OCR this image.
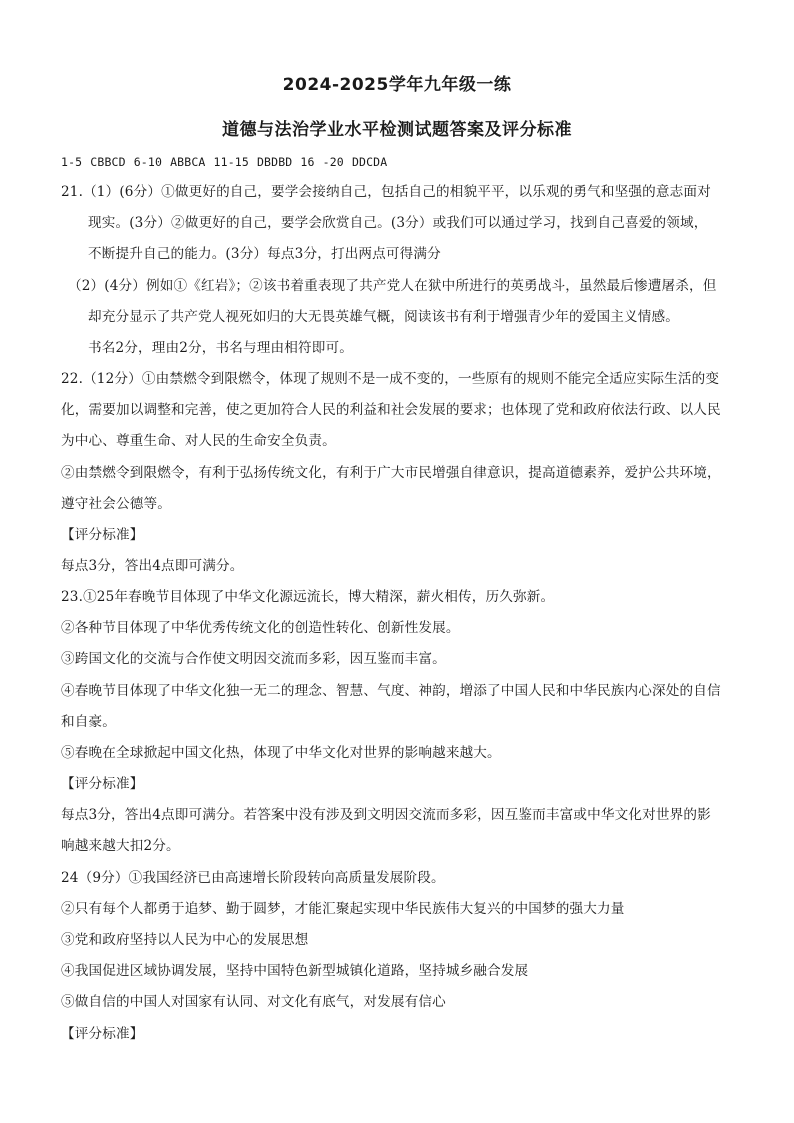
2024-2025学年九年级一练
道德与法治学业水平检测试题答案及评分标准
1-5 CBBCD 6-10 ABBCA 11-15 DBDBD 16 -20 DDCDA
21.（1）(6分）①做更好的自己，要学会接纳自己，包括自己的相貌平平，以乐观的勇气和坚强的意志面对
现实。(3分）②做更好的自己，要学会欣赏自己。(3分）或我们可以通过学习，找到自己喜爱的领域，
不断提升自己的能力。(3分）每点3分，打出两点可得满分
（2）(4分）例如①《红岩》；②该书着重表现了共产党人在狱中所进行的英勇战斗，虽然最后惨遭屠杀，但
却充分显示了共产党人视死如归的大无畏英雄气概，阅读该书有利于增强青少年的爱国主义情感。
书名2分，理由2分，书名与理由相符即可。
22.（12分）①由禁燃令到限燃令，体现了规则不是一成不变的，一些原有的规则不能完全适应实际生活的变
化，需要加以调整和完善，使之更加符合人民的利益和社会发展的要求；也体现了党和政府依法行政、以人民
为中心、尊重生命、对人民的生命安全负责。
②由禁燃令到限燃令，有利于弘扬传统文化，有利于广大市民增强自律意识，提高道德素养，爱护公共环境，
遵守社会公德等。
【评分标准】
每点3分，答出4点即可满分。
23.①25年春晚节目体现了中华文化源远流长，博大精深，薪火相传，历久弥新。
②各种节目体现了中华优秀传统文化的创造性转化、创新性发展。
③跨国文化的交流与合作使文明因交流而多彩，因互鉴而丰富。
④春晚节目体现了中华文化独一无二的理念、智慧、气度、神韵，增添了中国人民和中华民族内心深处的自信
和自豪。
⑤春晚在全球掀起中国文化热，体现了中华文化对世界的影响越来越大。
【评分标准】
每点3分，答出4点即可满分。若答案中没有涉及到文明因交流而多彩，因互鉴而丰富或中华文化对世界的影
响越来越大扣2分。
24（9分）①我国经济已由高速增长阶段转向高质量发展阶段。
②只有每个人都勇于追梦、勤于圆梦，才能汇聚起实现中华民族伟大复兴的中国梦的强大力量
③党和政府坚持以人民为中心的发展思想
④我国促进区域协调发展，坚持中国特色新型城镇化道路，坚持城乡融合发展
⑤做自信的中国人对国家有认同、对文化有底气，对发展有信心
【评分标准】
